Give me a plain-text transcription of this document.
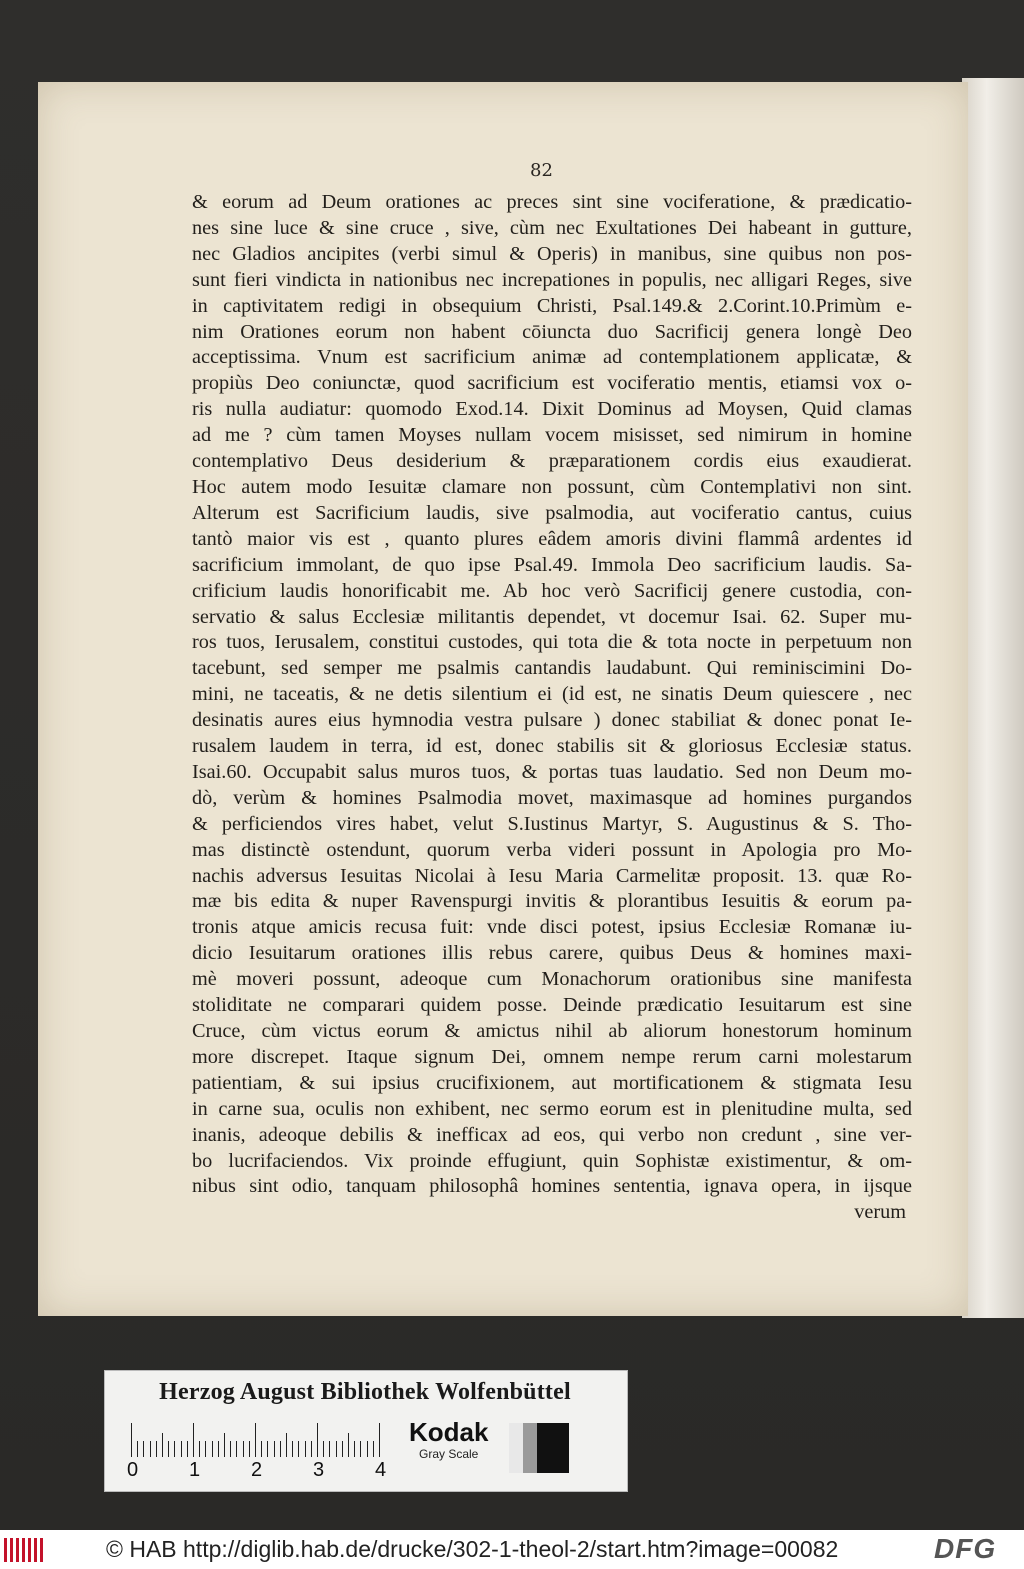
82
& eorum ad Deum orationes ac preces sint sine vociferatione, & prædicatio-
nes sine luce & sine cruce , sive, cùm nec Exultationes Dei habeant in gutture,
nec Gladios ancipites (verbi simul & Operis) in manibus, sine quibus non pos-
sunt fieri vindicta in nationibus nec increpationes in populis, nec alligari Reges, sive
in captivitatem redigi in obsequium Christi, Psal.149.& 2.Corint.10.Primùm e-
nim Orationes eorum non habent cōiuncta duo Sacrificij genera longè Deo
acceptissima. Vnum est sacrificium animæ ad contemplationem applicatæ, &
propiùs Deo coniunctæ, quod sacrificium est vociferatio mentis, etiamsi vox o-
ris nulla audiatur: quomodo Exod.14. Dixit Dominus ad Moysen, Quid clamas
ad me ? cùm tamen Moyses nullam vocem misisset, sed nimirum in homine
contemplativo Deus desiderium & præparationem cordis eius exaudierat.
Hoc autem modo Iesuitæ clamare non possunt, cùm Contemplativi non sint.
Alterum est Sacrificium laudis, sive psalmodia, aut vociferatio cantus, cuius
tantò maior vis est , quanto plures eâdem amoris divini flammâ ardentes id
sacrificium immolant, de quo ipse Psal.49. Immola Deo sacrificium laudis. Sa-
crificium laudis honorificabit me. Ab hoc verò Sacrificij genere custodia, con-
servatio & salus Ecclesiæ militantis dependet, vt docemur Isai. 62. Super mu-
ros tuos, Ierusalem, constitui custodes, qui tota die & tota nocte in perpetuum non
tacebunt, sed semper me psalmis cantandis laudabunt. Qui reminiscimini Do-
mini, ne taceatis, & ne detis silentium ei (id est, ne sinatis Deum quiescere , nec
desinatis aures eius hymnodia vestra pulsare ) donec stabiliat & donec ponat Ie-
rusalem laudem in terra, id est, donec stabilis sit & gloriosus Ecclesiæ status.
Isai.60. Occupabit salus muros tuos, & portas tuas laudatio. Sed non Deum mo-
dò, verùm & homines Psalmodia movet, maximasque ad homines purgandos
& perficiendos vires habet, velut S.Iustinus Martyr, S. Augustinus & S. Tho-
mas distinctè ostendunt, quorum verba videri possunt in Apologia pro Mo-
nachis adversus Iesuitas Nicolai à Iesu Maria Carmelitæ proposit. 13. quæ Ro-
mæ bis edita & nuper Ravenspurgi invitis & plorantibus Iesuitis & eorum pa-
tronis atque amicis recusa fuit: vnde disci potest, ipsius Ecclesiæ Romanæ iu-
dicio Iesuitarum orationes illis rebus carere, quibus Deus & homines maxi-
mè moveri possunt, adeoque cum Monachorum orationibus sine manifesta
stoliditate ne comparari quidem posse. Deinde prædicatio Iesuitarum est sine
Cruce, cùm victus eorum & amictus nihil ab aliorum honestorum hominum
more discrepet. Itaque signum Dei, omnem nempe rerum carni molestarum
patientiam, & sui ipsius crucifixionem, aut mortificationem & stigmata Iesu
in carne sua, oculis non exhibent, nec sermo eorum est in plenitudine multa, sed
inanis, adeoque debilis & inefficax ad eos, qui verbo non credunt , sine ver-
bo lucrifaciendos. Vix proinde effugiunt, quin Sophistæ existimentur, & om-
nibus sint odio, tanquam philosophâ homines sententia, ignava opera, in ijsque
verum
Herzog August Bibliothek Wolfenbüttel
0	1	2	3	4
Kodak
Gray Scale
© HAB http://diglib.hab.de/drucke/302-1-theol-2/start.htm?image=00082	DFG
